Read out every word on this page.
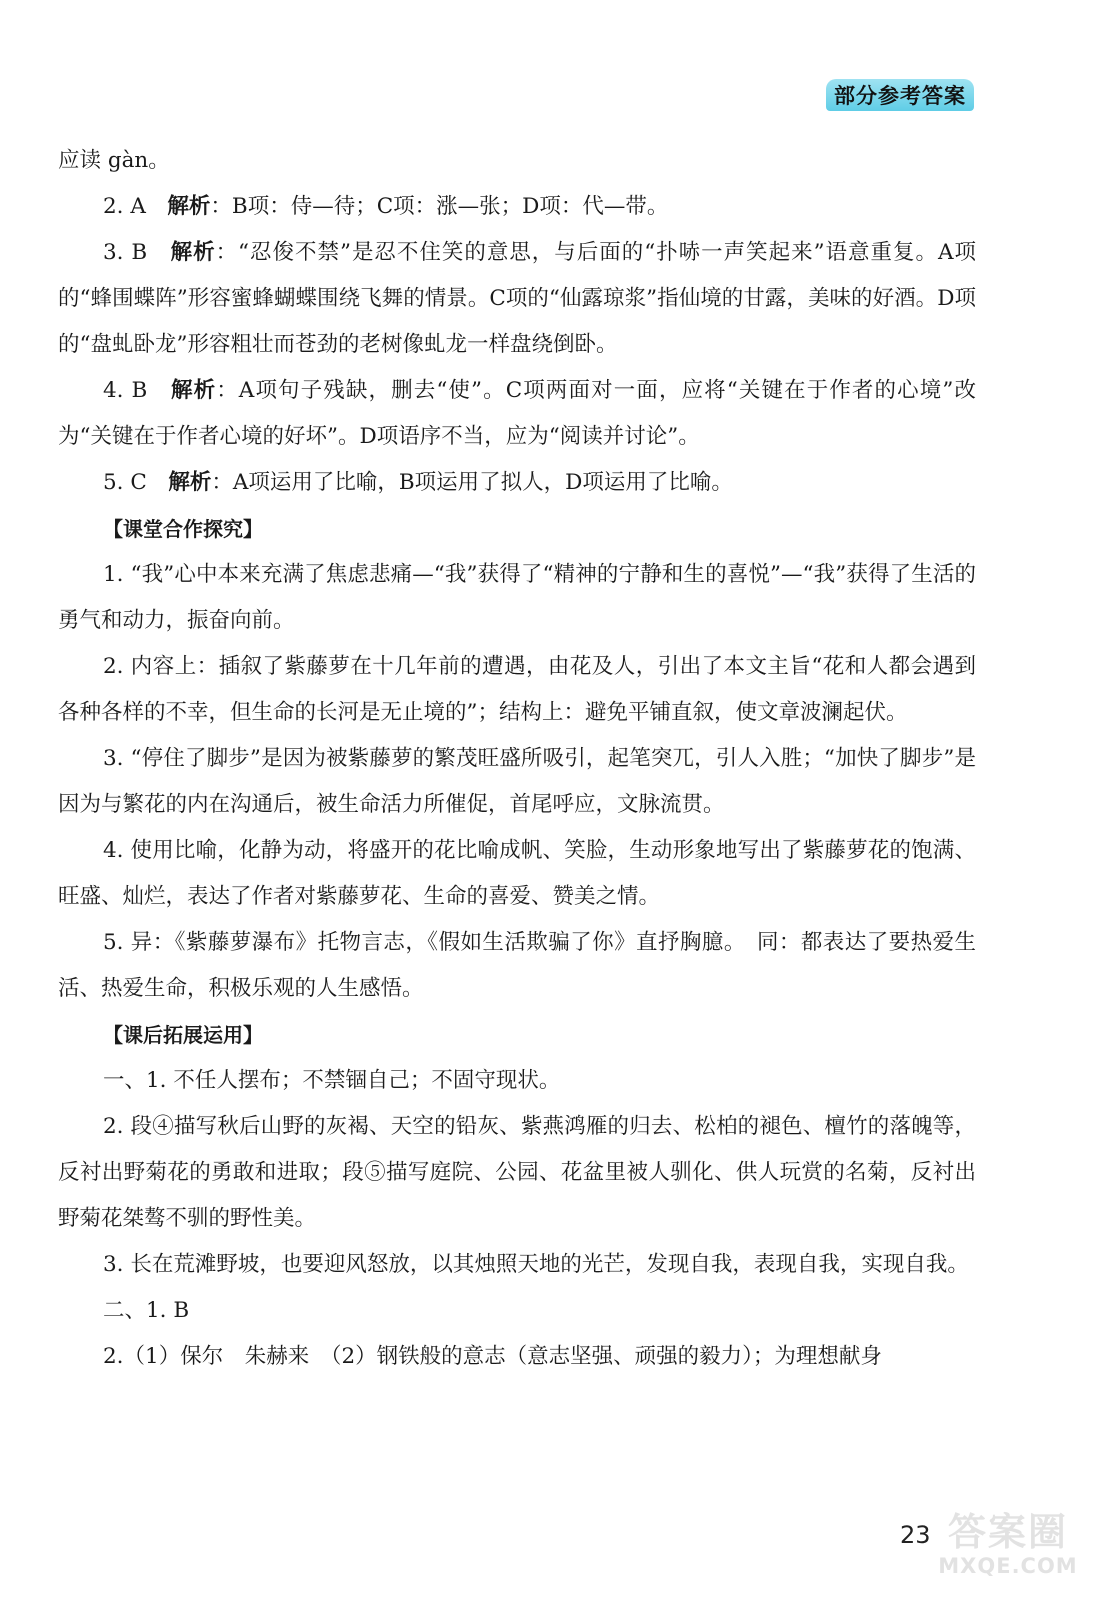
部分参考答案

应读 gàn。

2. A　 解析：B项：侍—待；C项：涨—张；D项：代—带。

3. B　 解析：“忍俊不禁”是忍不住笑的意思，与后面的“扑哧一声笑起来”语意重复。A项的“蜂围蝶阵”形容蜜蜂蝴蝶围绕飞舞的情景。C项的“仙露琼浆”指仙境的甘露，美味的好酒。D项的“盘虬卧龙”形容粗壮而苍劲的老树像虬龙一样盘绕倒卧。

4. B　 解析：A项句子残缺，删去“使”。C项两面对一面，应将“关键在于作者的心境”改为“关键在于作者心境的好坏”。D项语序不当，应为“阅读并讨论”。

5. C　 解析：A项运用了比喻，B项运用了拟人，D项运用了比喻。

【课堂合作探究】

1. “我”心中本来充满了焦虑悲痛—“我”获得了“精神的宁静和生的喜悦”—“我”获得了生活的勇气和动力，振奋向前。

2. 内容上：插叙了紫藤萝在十几年前的遭遇，由花及人，引出了本文主旨“花和人都会遇到各种各样的不幸，但生命的长河是无止境的”；结构上：避免平铺直叙，使文章波澜起伏。

3. “停住了脚步”是因为被紫藤萝的繁茂旺盛所吸引，起笔突兀，引人入胜；“加快了脚步”是因为与繁花的内在沟通后，被生命活力所催促，首尾呼应，文脉流贯。

4. 使用比喻，化静为动，将盛开的花比喻成帆、笑脸，生动形象地写出了紫藤萝花的饱满、旺盛、灿烂，表达了作者对紫藤萝花、生命的喜爱、赞美之情。

5. 异：《紫藤萝瀑布》托物言志，《假如生活欺骗了你》直抒胸臆。　同：都表达了要热爱生活、热爱生命，积极乐观的人生感悟。

【课后拓展运用】

一、1. 不任人摆布；不禁锢自己；不固守现状。

2. 段④描写秋后山野的灰褐、天空的铅灰、紫燕鸿雁的归去、松柏的褪色、檀竹的落魄等，反衬出野菊花的勇敢和进取；段⑤描写庭院、公园、花盆里被人驯化、供人玩赏的名菊，反衬出野菊花桀骜不驯的野性美。

3. 长在荒滩野坡，也要迎风怒放，以其烛照天地的光芒，发现自我，表现自我，实现自我。

二、1. B

2.（1）保尔　朱赫来　（2）钢铁般的意志（意志坚强、顽强的毅力）；为理想献身

23 答案圈
MXQE.COM
